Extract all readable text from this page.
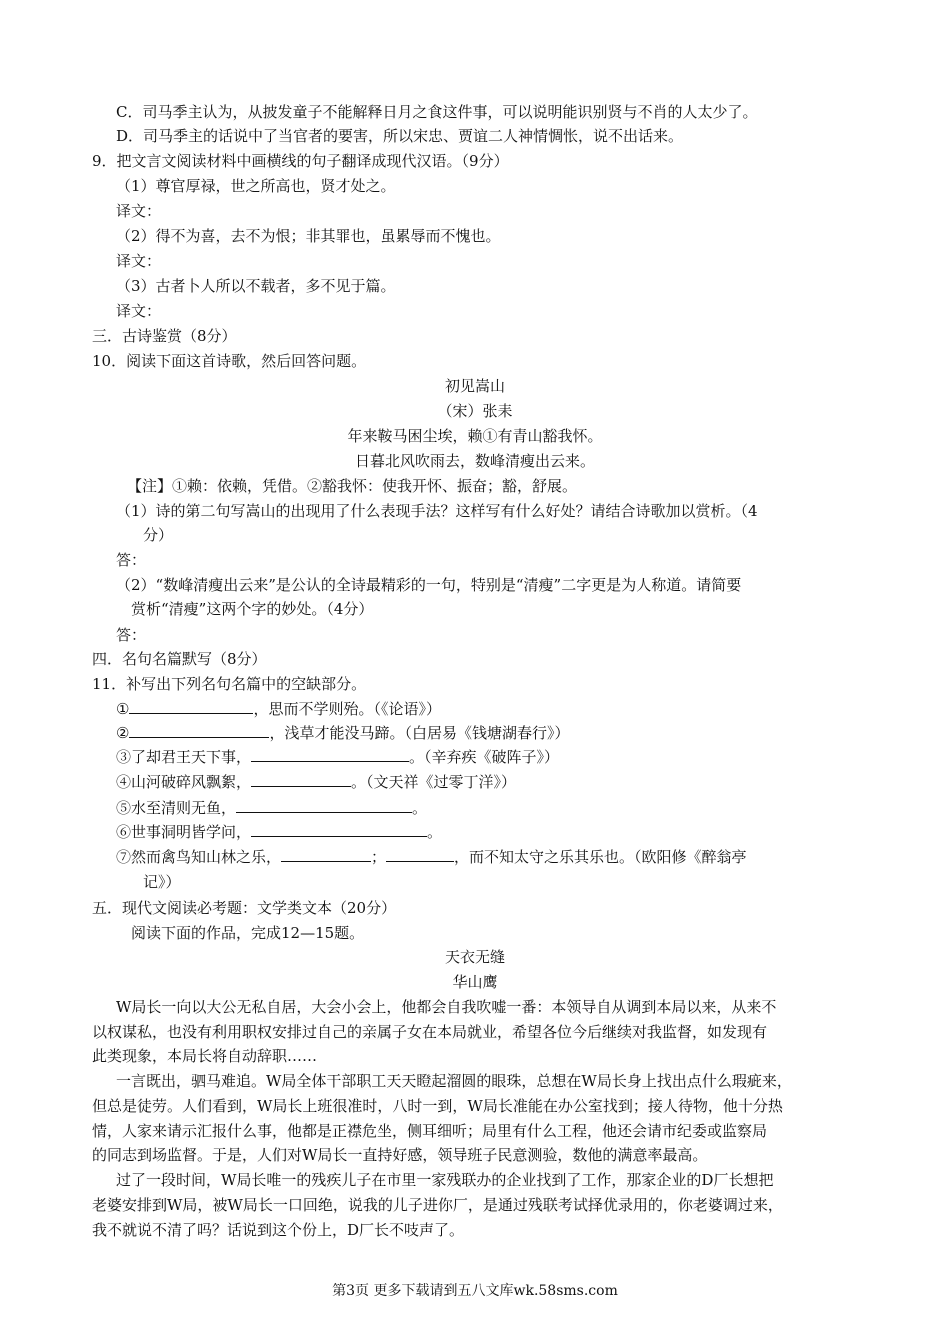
C．司马季主认为，从披发童子不能解释日月之食这件事，可以说明能识别贤与不肖的人太少了。
D．司马季主的话说中了当官者的要害，所以宋忠、贾谊二人神情惆怅，说不出话来。
9．把文言文阅读材料中画横线的句子翻译成现代汉语。（9分）
（1）尊官厚禄，世之所高也，贤才处之。
译文：
（2）得不为喜，去不为恨；非其罪也，虽累辱而不愧也。
译文：
（3）古者卜人所以不载者，多不见于篇。
译文：
三．古诗鉴赏（8分）
10．阅读下面这首诗歌，然后回答问题。
初见嵩山
（宋）张耒
年来鞍马困尘埃，赖①有青山豁我怀。
日暮北风吹雨去，数峰清瘦出云来。
【注】①赖：依赖，凭借。②豁我怀：使我开怀、振奋；豁，舒展。
（1）诗的第二句写嵩山的出现用了什么表现手法？这样写有什么好处？请结合诗歌加以赏析。（4
分）
答：
（2）“数峰清瘦出云来”是公认的全诗最精彩的一句，特别是“清瘦”二字更是为人称道。请简要
赏析“清瘦”这两个字的妙处。（4分）
答：
四．名句名篇默写（8分）
11．补写出下列名句名篇中的空缺部分。
①	，思而不学则殆。（《论语》）
②	，浅草才能没马蹄。（白居易《钱塘湖春行》）
③了却君王天下事，	。（辛弃疾《破阵子》）
④山河破碎风飘絮，	。（文天祥《过零丁洋》）
⑤水至清则无鱼，	。
⑥世事洞明皆学问，	。
⑦然而禽鸟知山林之乐，	；	，而不知太守之乐其乐也。（欧阳修《醉翁亭
记》）
五．现代文阅读必考题：文学类文本（20分）
阅读下面的作品，完成12—15题。
天衣无缝
华山鹰
W局长一向以大公无私自居，大会小会上，他都会自我吹嘘一番：本领导自从调到本局以来，从来不
以权谋私，也没有利用职权安排过自己的亲属子女在本局就业，希望各位今后继续对我监督，如发现有
此类现象，本局长将自动辞职……
一言既出，驷马难追。W局全体干部职工天天瞪起溜圆的眼珠，总想在W局长身上找出点什么瑕疵来，
但总是徒劳。人们看到，W局长上班很准时，八时一到，W局长准能在办公室找到；接人待物，他十分热
情，人家来请示汇报什么事，他都是正襟危坐，侧耳细听；局里有什么工程，他还会请市纪委或监察局
的同志到场监督。于是，人们对W局长一直持好感，领导班子民意测验，数他的满意率最高。
过了一段时间，W局长唯一的残疾儿子在市里一家残联办的企业找到了工作，那家企业的D厂长想把
老婆安排到W局，被W局长一口回绝，说我的儿子进你厂，是通过残联考试择优录用的，你老婆调过来，
我不就说不清了吗？话说到这个份上，D厂长不吱声了。
第3页 更多下载请到五八文库wk.58sms.com
